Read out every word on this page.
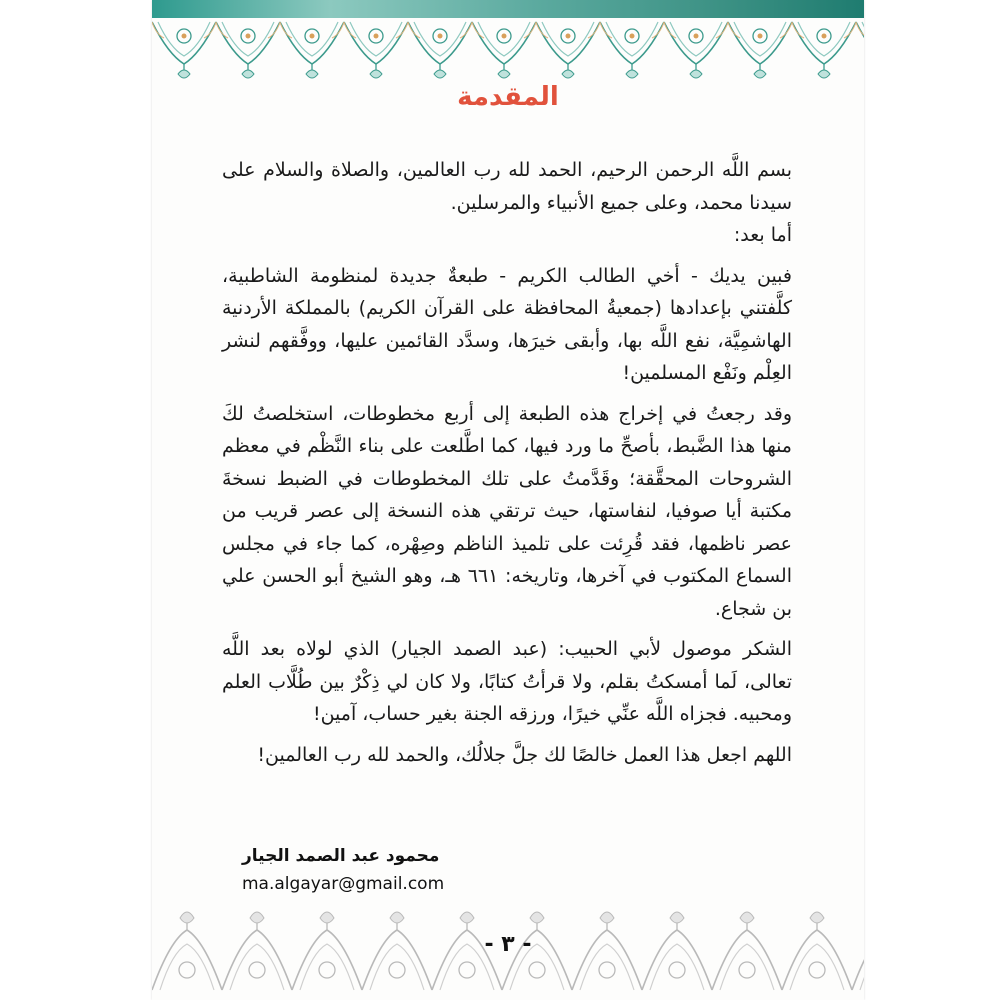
المقدمة

بسم اللَّه الرحمن الرحيم، الحمد لله رب العالمين، والصلاة والسلام على سيدنا محمد، وعلى جميع الأنبياء والمرسلين.

أما بعد:

فبين يديك - أخي الطالب الكريم - طبعةٌ جديدة لمنظومة الشاطبية، كلَّفتني بإعدادها (جمعيةُ المحافظة على القرآن الكريم) بالمملكة الأردنية الهاشمِيَّة، نفع اللَّه بها، وأبقى خيرَها، وسدَّد القائمين عليها، ووفَّقهم لنشر العِلْم ونَفْع المسلمين!

وقد رجعتُ في إخراج هذه الطبعة إلى أربع مخطوطات، استخلصتُ لكَ منها هذا الضَّبط، بأصحِّ ما ورد فيها، كما اطَّلعت على بناء النَّظْم في معظم الشروحات المحقَّقة؛ وقَدَّمتُ على تلك المخطوطات في الضبط نسخةَ مكتبة أيا صوفيا، لنفاستها، حيث ترتقي هذه النسخة إلى عصر قريب من عصر ناظمها، فقد قُرِئت على تلميذ الناظم وصِهْره، كما جاء في مجلس السماع المكتوب في آخرها، وتاريخه: ٦٦١ هـ، وهو الشيخ أبو الحسن علي بن شجاع.

الشكر موصول لأبي الحبيب: (عبد الصمد الجيار) الذي لولاه بعد اللَّه تعالى، لَما أمسكتُ بقلم، ولا قرأتُ كتابًا، ولا كان لي ذِكْرٌ بين طُلَّاب العلم ومحبيه. فجزاه اللَّه عنِّي خيرًا، ورزقه الجنة بغير حساب، آمين!

اللهم اجعل هذا العمل خالصًا لك جلَّ جلالُك، والحمد لله رب العالمين!

محمود عبد الصمد الجيار
ma.algayar@gmail.com
- ٣ -
